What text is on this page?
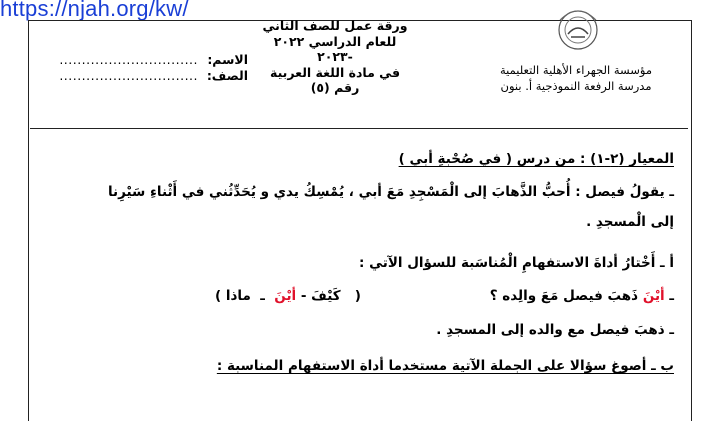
https://njah.org/kw/
مؤسسة الجهراء الأهلية التعليمية
مدرسة الرفعة النموذجية أ. بنون
ورقة عمل للصف الثاني
للعام الدراسي ٢٠٢٢ -٢٠٢٣
في مادة اللغة العربية
رقم (٥)
الاسم:
...............................
الصف:
...............................
المعيار (٢-١) : من درس ( في صُحْبةِ أبي )
ـ يقولُ فيصل : أُحبُّ الذَّهابَ إلى الْمَسْجِدِ مَعَ أبي ، يُمْسِكُ يدي و يُحَدِّثُني في أَثْناءِ سَيْرِنا
إلى الْمسجدِ .
أ ـ أَخْتارُ أداةَ الاستفهامِ الْمُناسَبة للسؤال الآتي :
ـ أيْنَ ذَهبَ فيصل مَعَ والِده ؟
(   كَيْفَ - أيْنَ  ـ  ماذا )
ـ ذهبَ فيصل مع والده إلى المسجدِ .
ب ـ أصوغ سؤالا على الجملة الآتية مستخدما أداة الاستفهام المناسبة :
